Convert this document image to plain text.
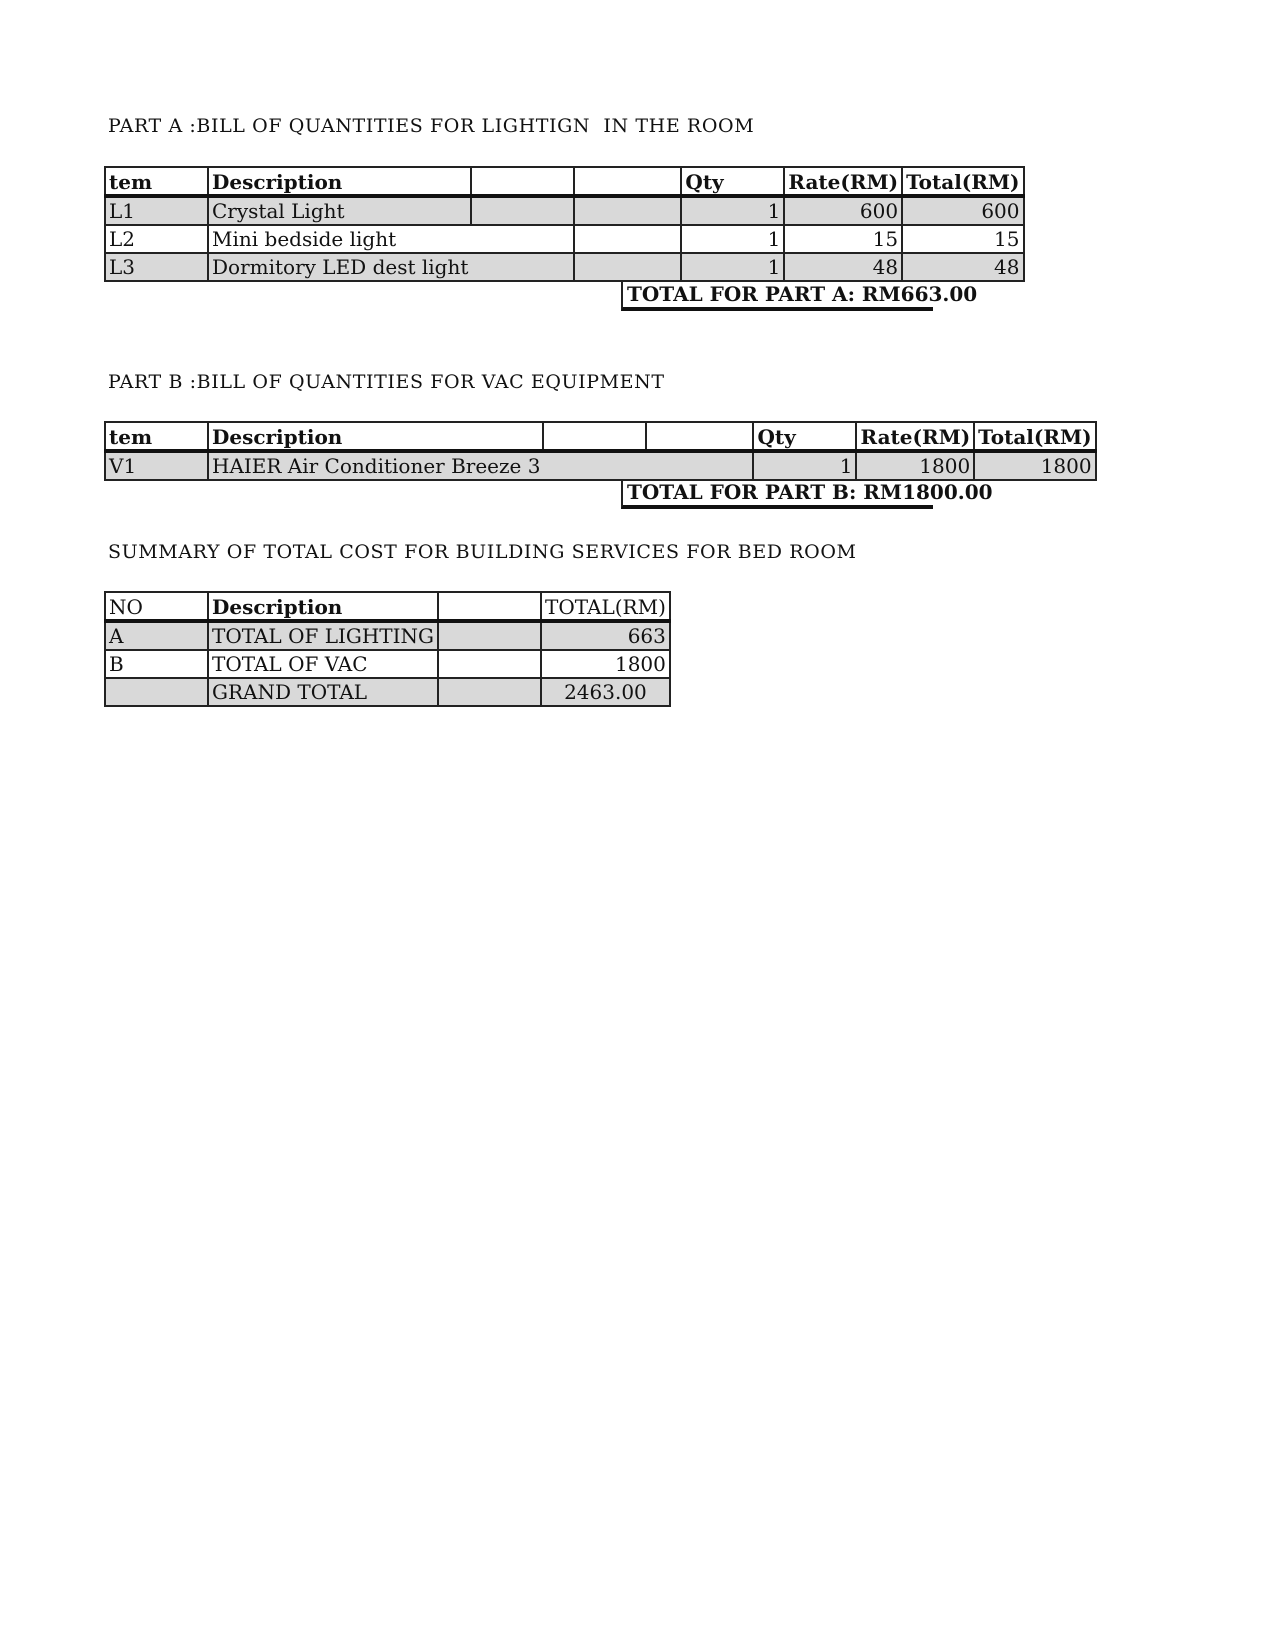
PART A :BILL OF QUANTITIES FOR LIGHTIGN  IN THE ROOM
tem	Description			Qty	Rate(RM)	Total(RM)
L1	Crystal Light			1	600	600
L2	Mini bedside light			1	15	15
L3	Dormitory LED dest light			1	48	48
TOTAL FOR PART A: RM663.00
PART B :BILL OF QUANTITIES FOR VAC EQUIPMENT
tem	Description			Qty	Rate(RM)	Total(RM)
V1	HAIER Air Conditioner Breeze 3			1	1800	1800
TOTAL FOR PART B: RM1800.00
SUMMARY OF TOTAL COST FOR BUILDING SERVICES FOR BED ROOM
NO	Description		TOTAL(RM)
A	TOTAL OF LIGHTING		663
B	TOTAL OF VAC		1800
	GRAND TOTAL		2463.00
